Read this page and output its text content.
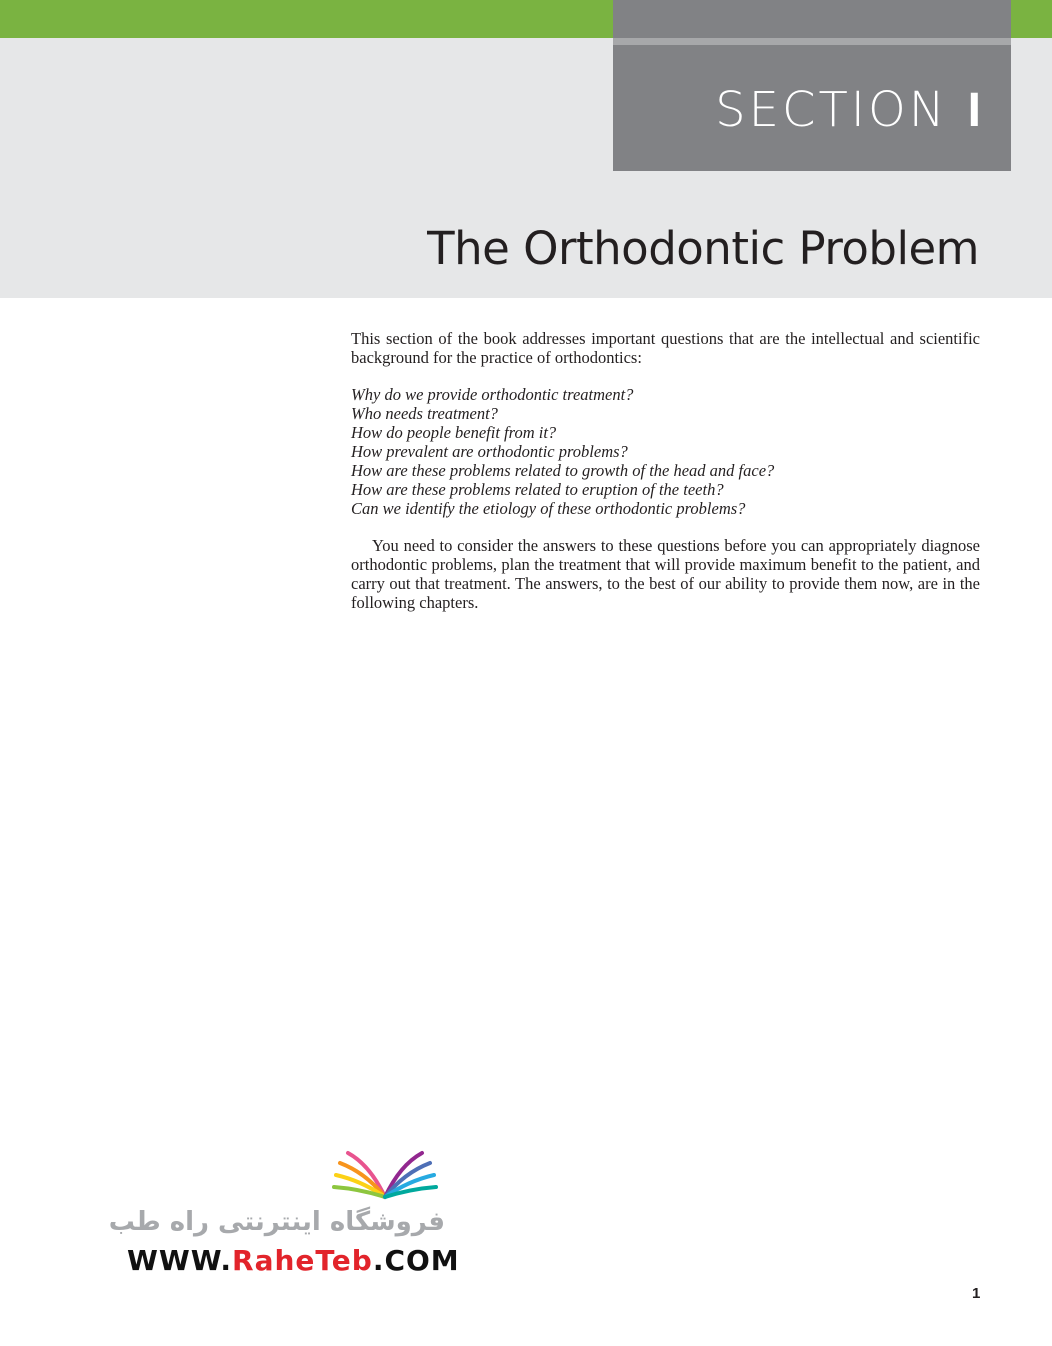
SECTION I
The Orthodontic Problem

This section of the book addresses important questions that are the intellectual and scientific background for the practice of orthodontics:

Why do we provide orthodontic treatment?
Who needs treatment?
How do people benefit from it?
How prevalent are orthodontic problems?
How are these problems related to growth of the head and face?
How are these problems related to eruption of the teeth?
Can we identify the etiology of these orthodontic problems?

You need to consider the answers to these questions before you can appropriately diagnose orthodontic problems, plan the treatment that will provide maximum benefit to the patient, and carry out that treatment. The answers, to the best of our ability to provide them now, are in the following chapters.

فروشگاه اینترنتی راه طب
WWW.RaheTeb.COM
1
